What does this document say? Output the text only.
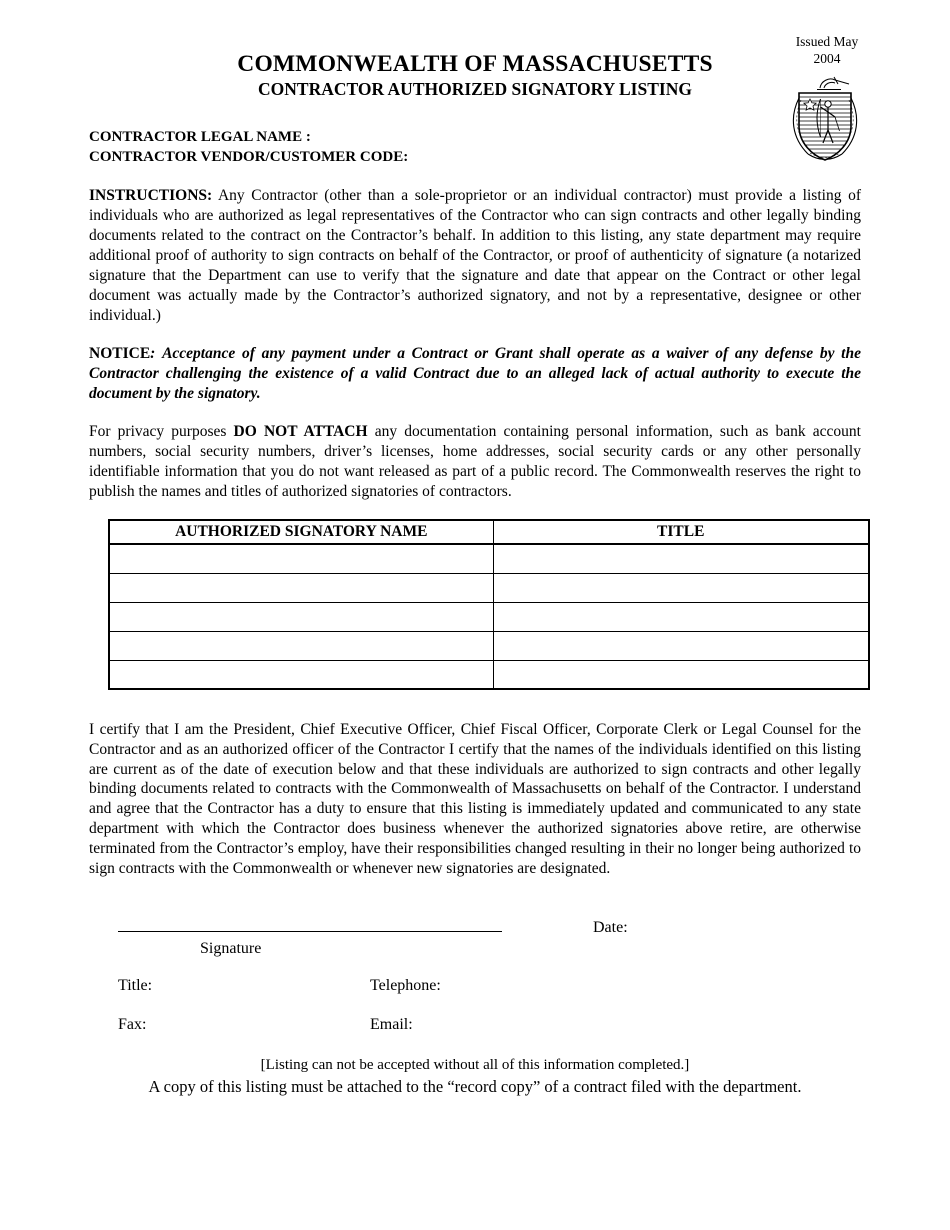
Issued May
2004
COMMONWEALTH OF MASSACHUSETTS
CONTRACTOR AUTHORIZED SIGNATORY LISTING
CONTRACTOR LEGAL NAME :
CONTRACTOR VENDOR/CUSTOMER CODE:

INSTRUCTIONS: Any Contractor (other than a sole-proprietor or an individual contractor) must provide a listing of individuals who are authorized as legal representatives of the Contractor who can sign contracts and other legally binding documents related to the contract on the Contractor’s behalf. In addition to this listing, any state department may require additional proof of authority to sign contracts on behalf of the Contractor, or proof of authenticity of signature (a notarized signature that the Department can use to verify that the signature and date that appear on the Contract or other legal document was actually made by the Contractor’s authorized signatory, and not by a representative, designee or other individual.)

NOTICE: Acceptance of any payment under a Contract or Grant shall operate as a waiver of any defense by the Contractor challenging the existence of a valid Contract due to an alleged lack of actual authority to execute the document by the signatory.

For privacy purposes DO NOT ATTACH any documentation containing personal information, such as bank account numbers, social security numbers, driver’s licenses, home addresses, social security cards or any other personally identifiable information that you do not want released as part of a public record. The Commonwealth reserves the right to publish the names and titles of authorized signatories of contractors.

AUTHORIZED SIGNATORY NAME	TITLE

I certify that I am the President, Chief Executive Officer, Chief Fiscal Officer, Corporate Clerk or Legal Counsel for the Contractor and as an authorized officer of the Contractor I certify that the names of the individuals identified on this listing are current as of the date of execution below and that these individuals are authorized to sign contracts and other legally binding documents related to contracts with the Commonwealth of Massachusetts on behalf of the Contractor. I understand and agree that the Contractor has a duty to ensure that this listing is immediately updated and communicated to any state department with which the Contractor does business whenever the authorized signatories above retire, are otherwise terminated from the Contractor’s employ, have their responsibilities changed resulting in their no longer being authorized to sign contracts with the Commonwealth or whenever new signatories are designated.

Date:
Signature
Title:	Telephone:
Fax:	Email:
[Listing can not be accepted without all of this information completed.]
A copy of this listing must be attached to the “record copy” of a contract filed with the department.
